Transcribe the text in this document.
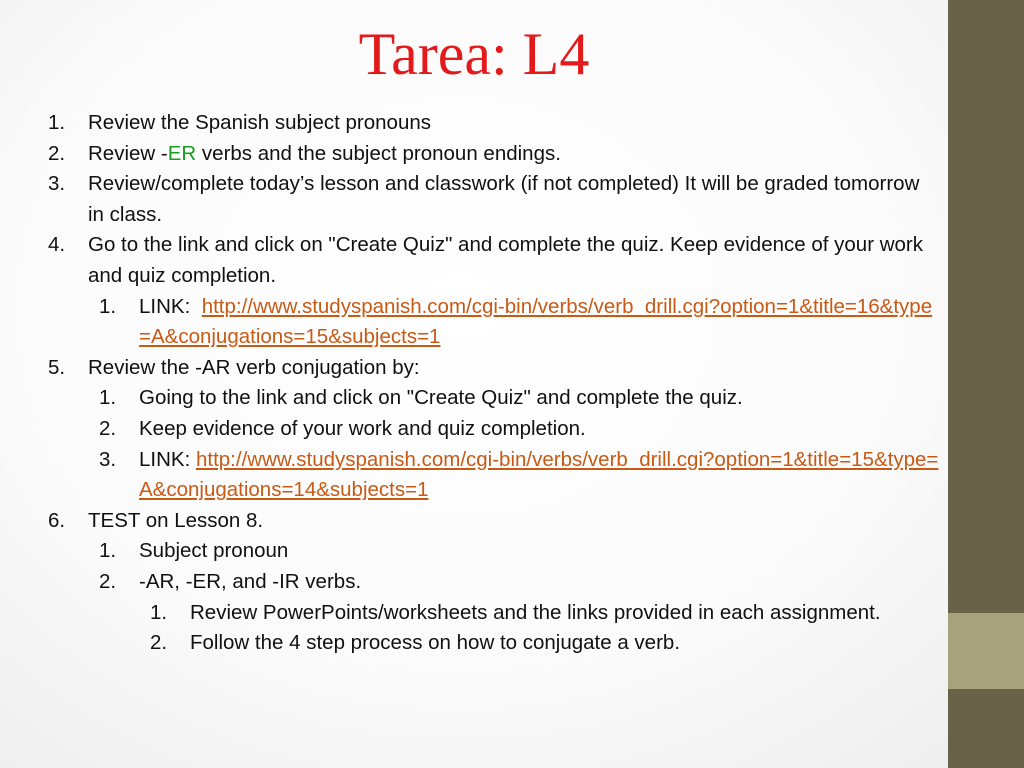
Tarea: L4
1. Review the Spanish subject pronouns
2. Review -ER verbs and the subject pronoun endings.
3. Review/complete today’s lesson and classwork (if not completed) It will be graded tomorrow in class.
4. Go to the link and click on "Create Quiz" and complete the quiz. Keep evidence of your work and quiz completion.
1. LINK: http://www.studyspanish.com/cgi-bin/verbs/verb_drill.cgi?option=1&title=16&type=A&conjugations=15&subjects=1
5. Review the -AR verb conjugation by:
1. Going to the link and click on "Create Quiz" and complete the quiz.
2. Keep evidence of your work and quiz completion.
3. LINK: http://www.studyspanish.com/cgi-bin/verbs/verb_drill.cgi?option=1&title=15&type=A&conjugations=14&subjects=1
6. TEST on Lesson 8.
1. Subject pronoun
2. -AR, -ER, and -IR verbs.
1. Review PowerPoints/worksheets and the links provided in each assignment.
2. Follow the 4 step process on how to conjugate a verb.
